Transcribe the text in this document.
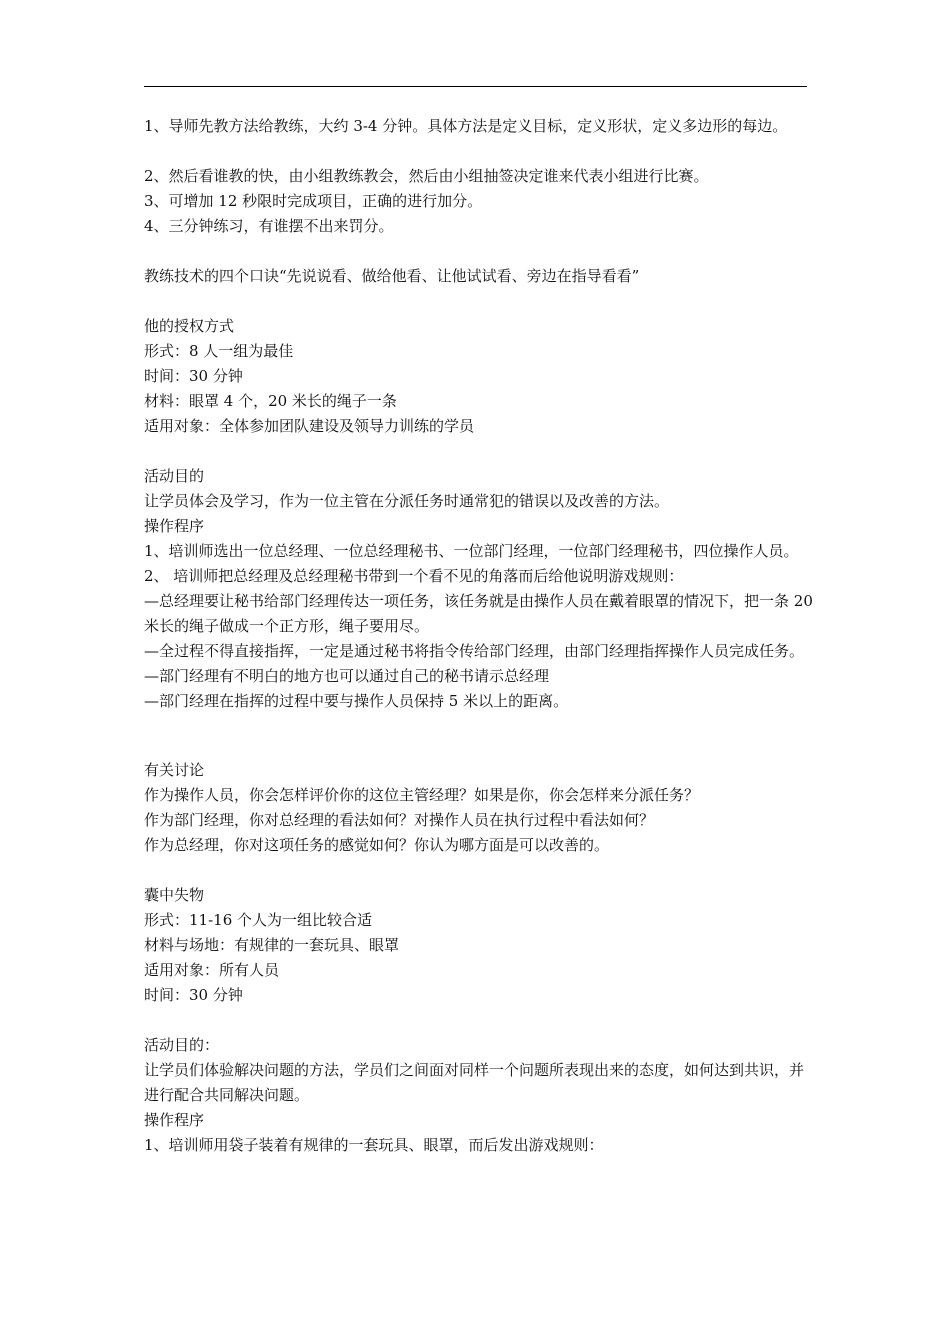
1、导师先教方法给教练，大约 3-4 分钟。具体方法是定义目标，定义形状，定义多边形的每边。
2、然后看谁教的快，由小组教练教会，然后由小组抽签决定谁来代表小组进行比赛。
3、可增加 12 秒限时完成项目，正确的进行加分。
4、三分钟练习，有谁摆不出来罚分。
教练技术的四个口诀“先说说看、做给他看、让他试试看、旁边在指导看看”
他的授权方式
形式：8 人一组为最佳
时间：30 分钟
材料：眼罩 4 个，20 米长的绳子一条
适用对象：全体参加团队建设及领导力训练的学员
活动目的
让学员体会及学习，作为一位主管在分派任务时通常犯的错误以及改善的方法。
操作程序
1、培训师选出一位总经理、一位总经理秘书、一位部门经理，一位部门经理秘书，四位操作人员。
2、 培训师把总经理及总经理秘书带到一个看不见的角落而后给他说明游戏规则：
—总经理要让秘书给部门经理传达一项任务，该任务就是由操作人员在戴着眼罩的情况下，把一条 20 米长的绳子做成一个正方形，绳子要用尽。
—全过程不得直接指挥，一定是通过秘书将指令传给部门经理，由部门经理指挥操作人员完成任务。
—部门经理有不明白的地方也可以通过自己的秘书请示总经理
—部门经理在指挥的过程中要与操作人员保持 5 米以上的距离。
有关讨论
作为操作人员，你会怎样评价你的这位主管经理？如果是你，你会怎样来分派任务？
作为部门经理，你对总经理的看法如何？对操作人员在执行过程中看法如何？
作为总经理，你对这项任务的感觉如何？你认为哪方面是可以改善的。
囊中失物
形式：11-16 个人为一组比较合适
材料与场地：有规律的一套玩具、眼罩
适用对象：所有人员
时间：30 分钟
活动目的：
让学员们体验解决问题的方法，学员们之间面对同样一个问题所表现出来的态度，如何达到共识，并进行配合共同解决问题。
操作程序
1、培训师用袋子装着有规律的一套玩具、眼罩，而后发出游戏规则：
